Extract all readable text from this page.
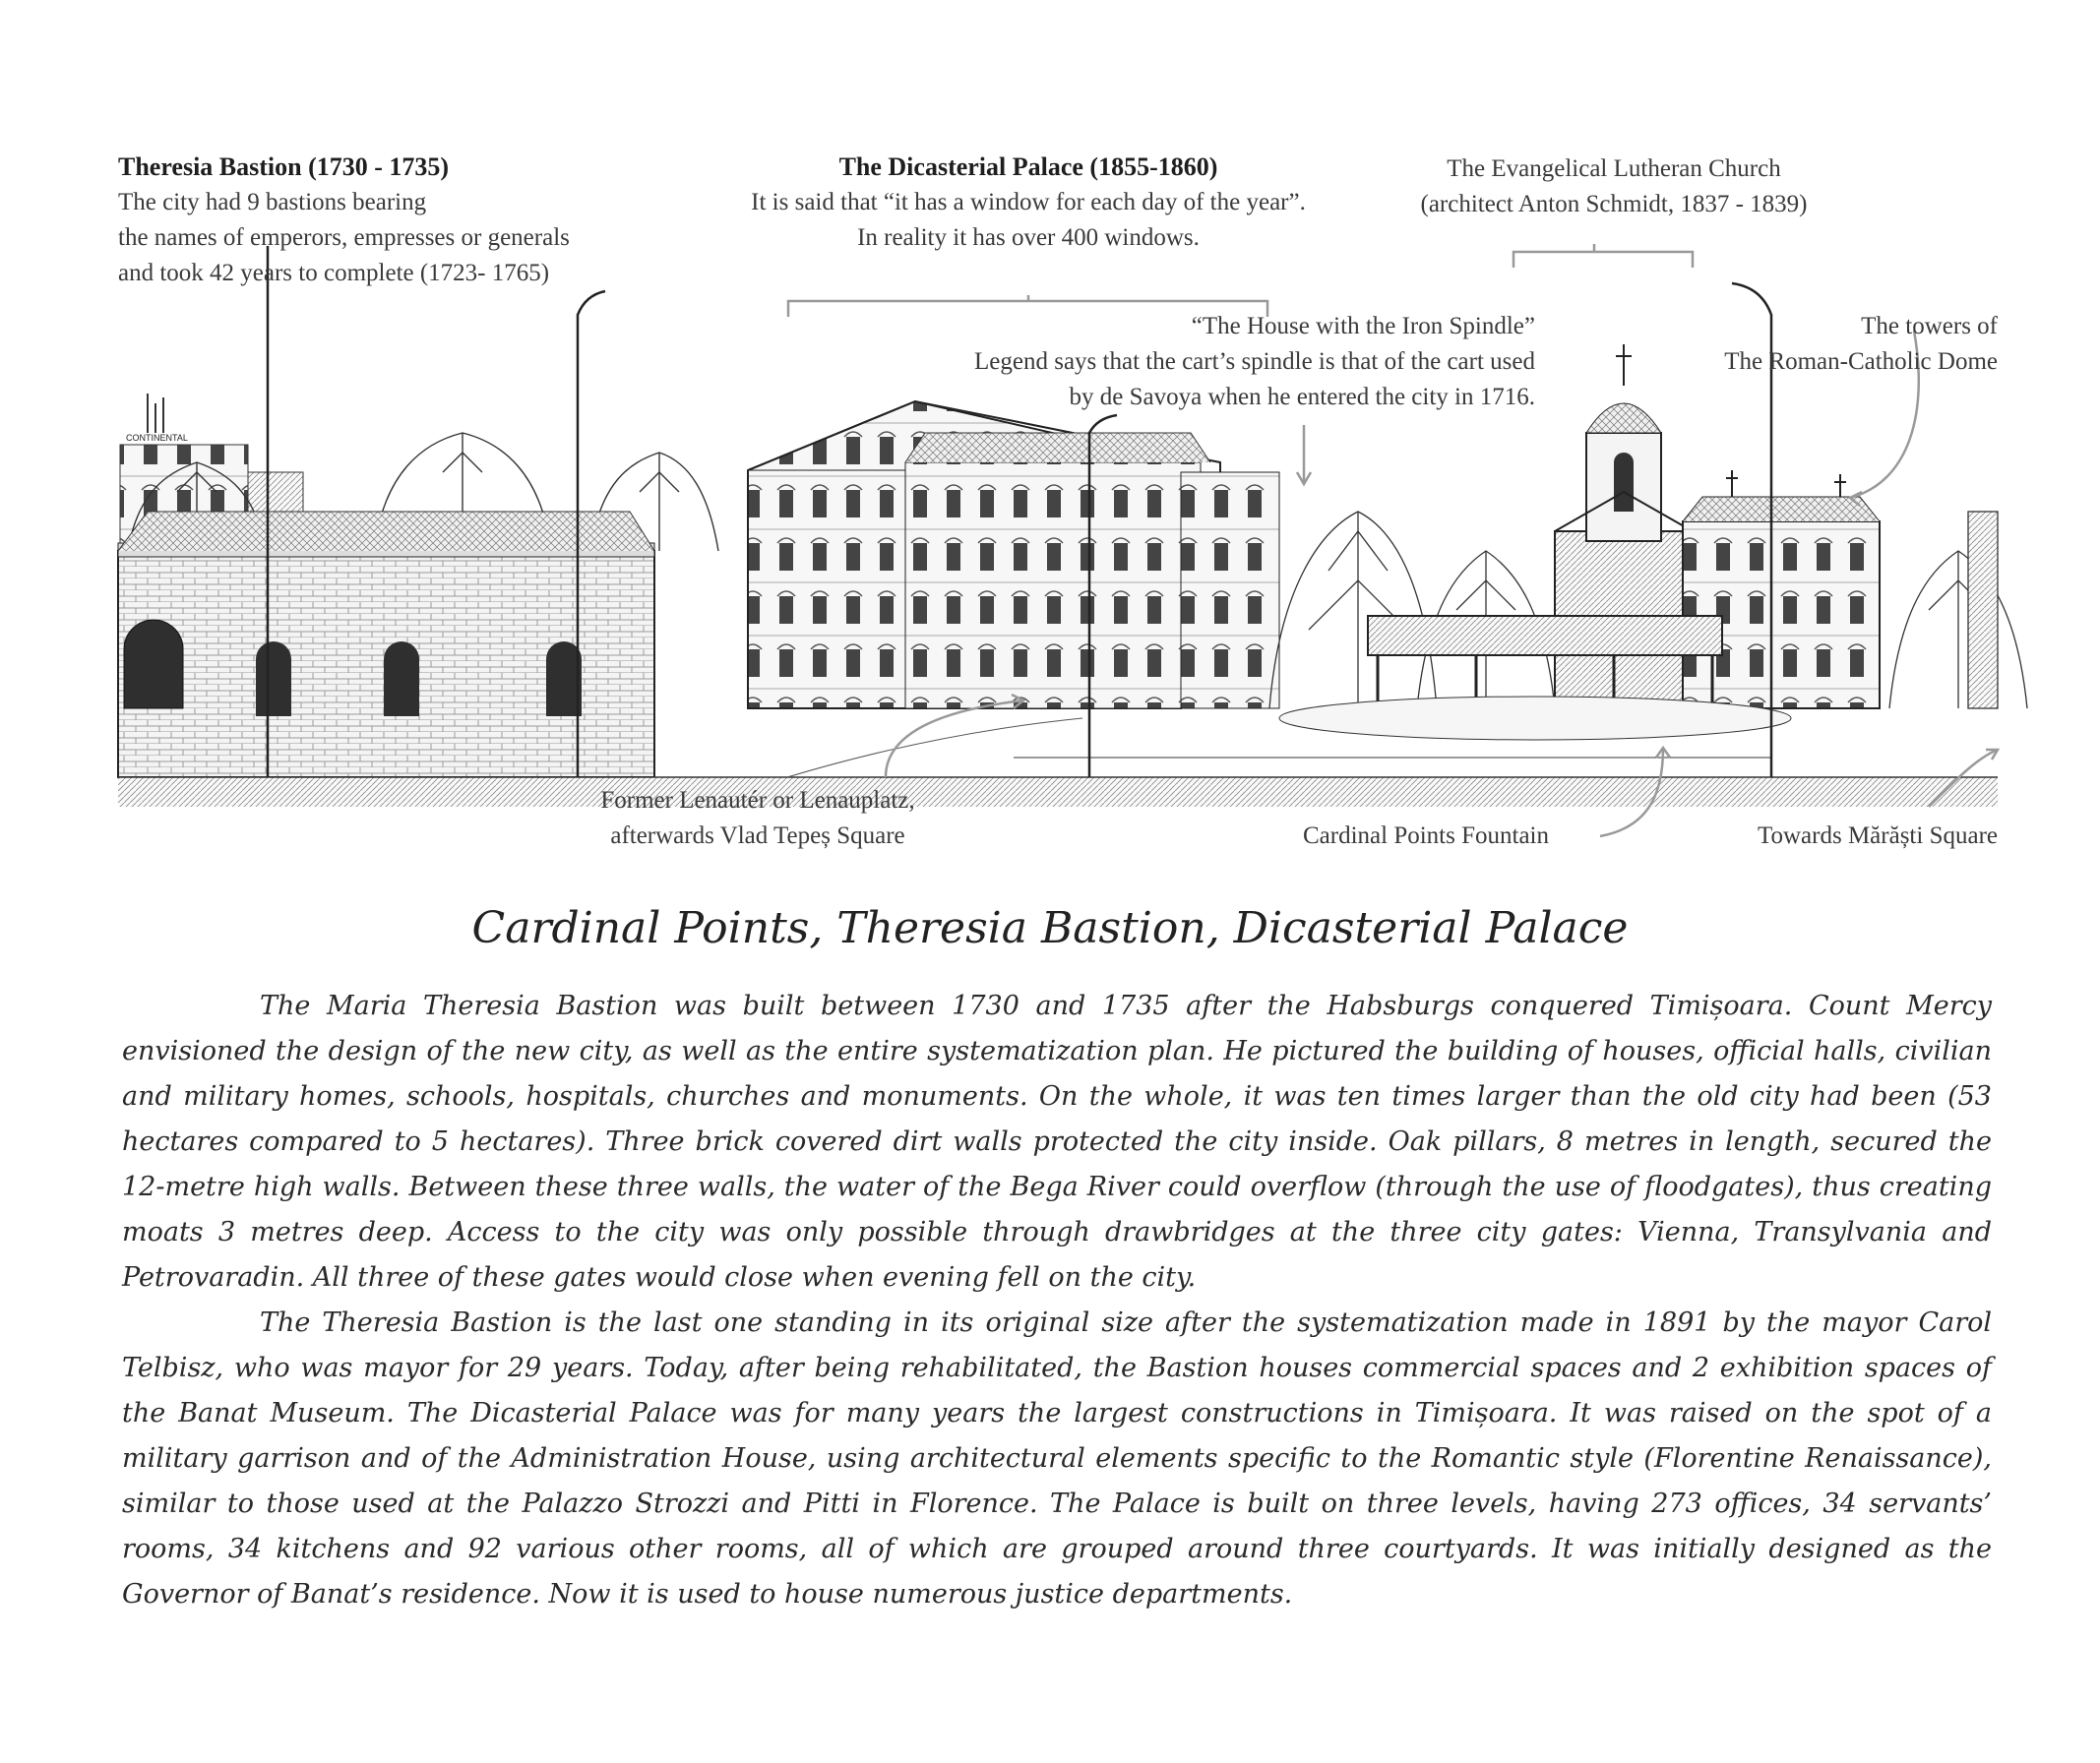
CONTINENTAL
Theresia Bastion (1730 - 1735)
The city had 9 bastions bearing
the names of emperors, empresses or generals
and took 42 years to complete (1723- 1765)
The Dicasterial Palace (1855-1860)
It is said that “it has a window for each day of the year”.
In reality it has over 400 windows.
The Evangelical Lutheran Church
(architect Anton Schmidt, 1837 - 1839)
“The House with the Iron Spindle”
Legend says that the cart’s spindle is that of the cart used
by de Savoya when he entered the city in 1716.
The towers of
The Roman-Catholic Dome
Former Lenautér or Lenauplatz,
afterwards Vlad Tepeș Square	Cardinal Points Fountain	Towards Mărăști Square
Cardinal Points, Theresia Bastion, Dicasterial Palace

The Maria Theresia Bastion was built between 1730 and 1735 after the Habsburgs conquered Timișoara. Count Mercy envisioned the design of the new city, as well as the entire systematization plan. He pictured the building of houses, official halls, civilian and military homes, schools, hospitals, churches and monuments. On the whole, it was ten times larger than the old city had been (53 hectares compared to 5 hectares). Three brick covered dirt walls protected the city inside. Oak pillars, 8 metres in length, secured the 12-metre high walls. Between these three walls, the water of the Bega River could overflow (through the use of floodgates), thus creating moats 3 metres deep. Access to the city was only possible through drawbridges at the three city gates: Vienna, Transylvania and Petrovaradin. All three of these gates would close when evening fell on the city.

The Theresia Bastion is the last one standing in its original size after the systematization made in 1891 by the mayor Carol Telbisz, who was mayor for 29 years. Today, after being rehabilitated, the Bastion houses commercial spaces and 2 exhibition spaces of the Banat Museum. The Dicasterial Palace was for many years the largest constructions in Timișoara. It was raised on the spot of a military garrison and of the Administration House, using architectural elements specific to the Romantic style (Florentine Renaissance), similar to those used at the Palazzo Strozzi and Pitti in Florence. The Palace is built on three levels, having 273 offices, 34 servants’ rooms, 34 kitchens and 92 various other rooms, all of which are grouped around three courtyards. It was initially designed as the Governor of Banat’s residence. Now it is used to house numerous justice departments.
